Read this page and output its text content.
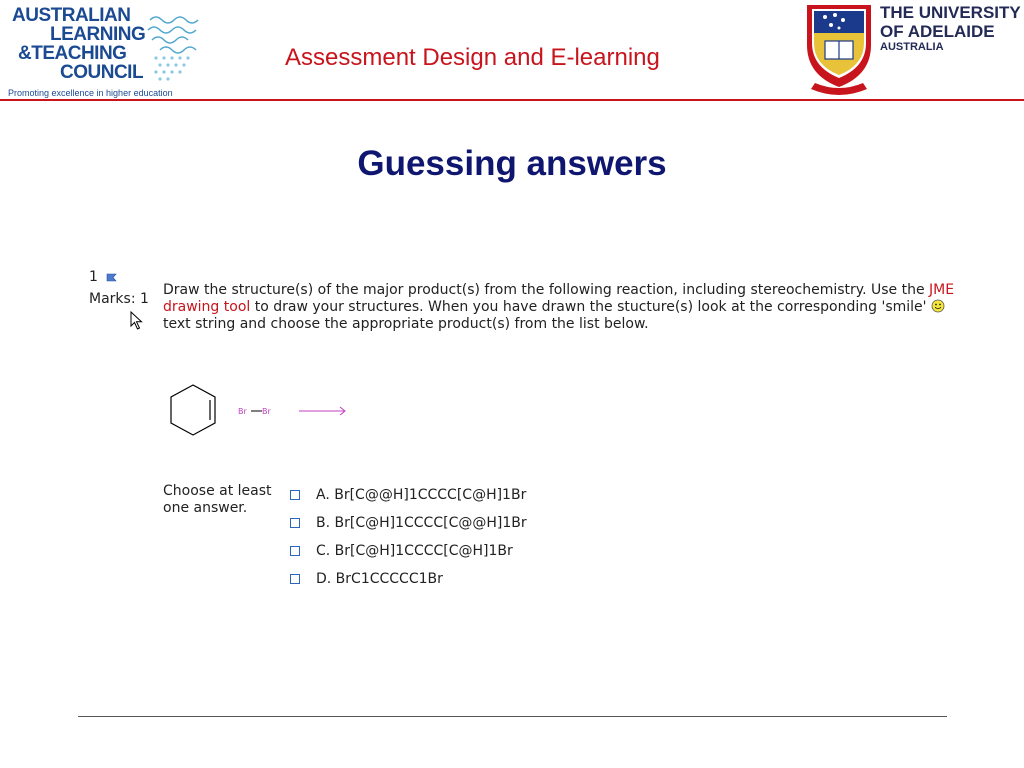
AUSTRALIAN
LEARNING
&TEACHING
COUNCIL
Promoting excellence in higher education
Assessment Design and E-learning
THE UNIVERSITY
OF ADELAIDE
AUSTRALIA
Guessing answers
1
Marks: 1
Draw the structure(s) of the major product(s) from the following reaction, including stereochemistry. Use the JME drawing tool to draw your structures. When you have drawn the stucture(s) look at the corresponding 'smile'  text string and choose the appropriate product(s) from the list below.
Br Br
Choose at least one answer.
A. Br[C@@H]1CCCC[C@H]1Br
B. Br[C@H]1CCCC[C@@H]1Br
C. Br[C@H]1CCCC[C@H]1Br
D. BrC1CCCCC1Br
